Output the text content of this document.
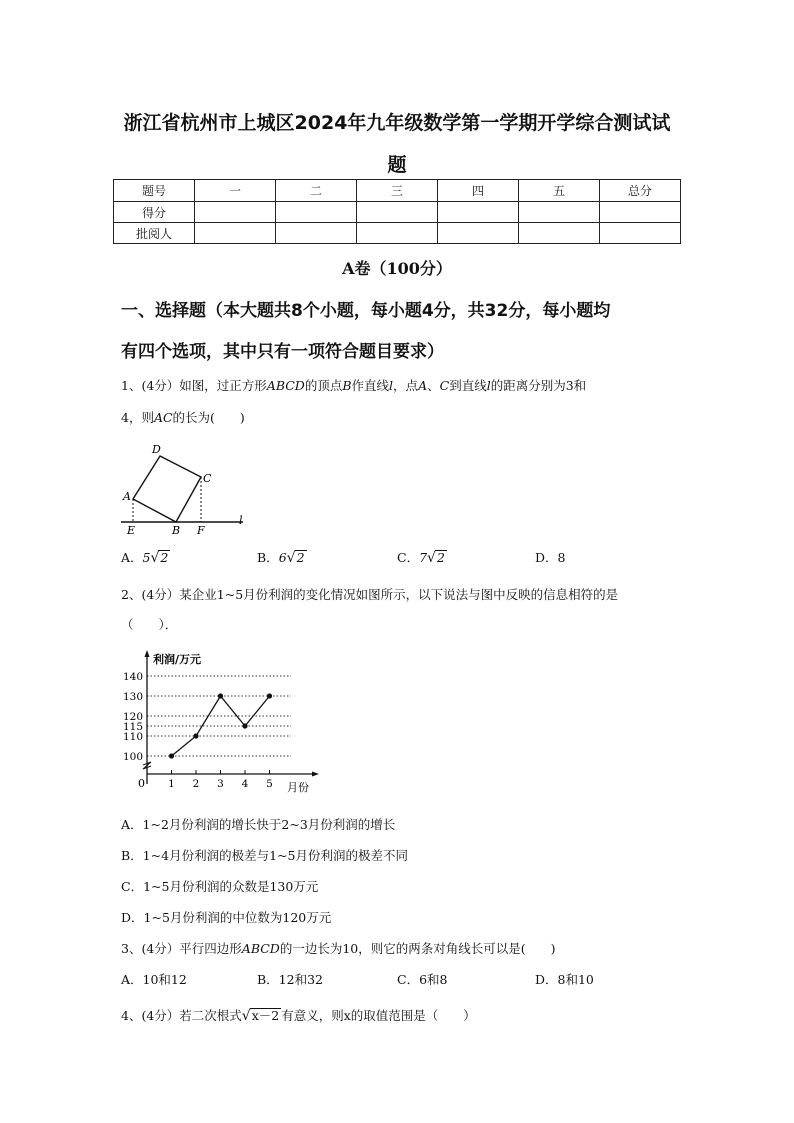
浙江省杭州市上城区2024年九年级数学第一学期开学综合测试试
题
题号	一	二	三	四	五	总分
得分						
批阅人						
A卷（100分）
一、选择题（本大题共8个小题，每小题4分，共32分，每小题均
有四个选项，其中只有一项符合题目要求）
1、(4分）如图，过正方形ABCD的顶点B作直线l，点A、C到直线l的距离分别为3和
4，则AC的长为(　　)
D
C
A
E	B F
l
A．5√2	B．6√2	C．7√2	D．8
2、(4分）某企业1~5月份利润的变化情况如图所示，以下说法与图中反映的信息相符的是
（　　）．
1 2 3 4 5
100
110
115
120
130
140
利润/万元
月份
0
A．1~2月份利润的增长快于2~3月份利润的增长
B．1~4月份利润的极差与1~5月份利润的极差不同
C．1~5月份利润的众数是130万元
D．1~5月份利润的中位数为120万元
3、(4分）平行四边形ABCD的一边长为10，则它的两条对角线长可以是(　　)
A．10和12	B．12和32	C．6和8	D．8和10
4、(4分）若二次根式√x－2 有意义，则x的取值范围是（　　）
